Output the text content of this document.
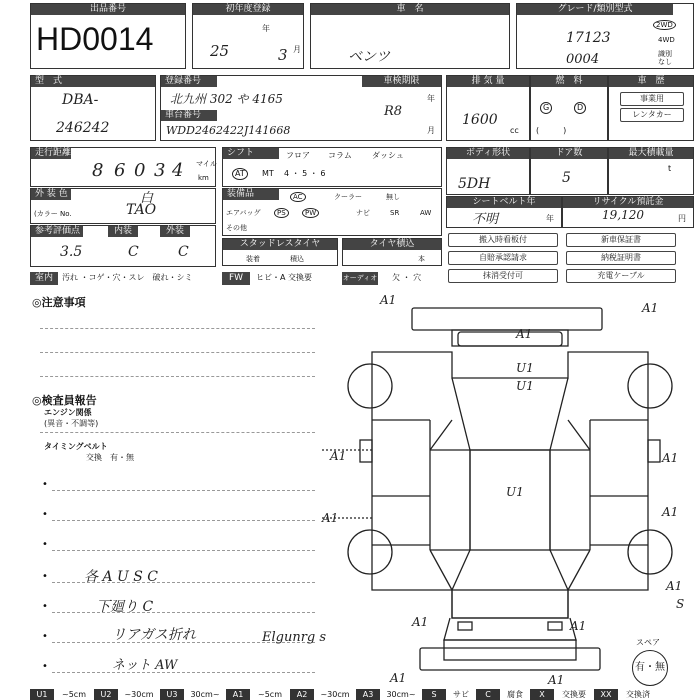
出品番号
HD0014
初年度登録
年
月
25	3
車　名
ベンツ
グレード/類別型式
17123
0004
2WD
4WD
識別なし
型　式
DBA-
246242
登録番号
北九州 302 や 4165
車台番号
WDD2462422J141668
車検期限
R8
年
月
排 気 量
1600
cc
燃　料
G	D
(　　　)
車　歴
事業用
レンタカー
走行距離
8 6 0 3 4 マイル
km
シフト	フロア コラム	ダッシュ
AT	MT 4 ・ 5 ・ 6
ボディ形状
5DH
ドア数
5
最大積載量
t
外 装 色	白
(カラー No.	TAO
装備品	AC	クーラー	無し
エアバッグ	PS	PW	ナビ	SR	AW
その他
シートベルト年
不明	年
リサイクル預託金
19,120	円
参考評価点	内装	外装
3.5	C	C	スタッドレスタイヤ
装着	積込
タイヤ積込
本
搬入時看板付	新車保証書
自賠承認請求	納税証明書
抹消受付可	充電ケーブル
室内	汚れ ・コゲ・穴・スレ　破れ・シミ	FW	ヒビ・A 交換要	オーディオ 欠 ・ 穴
◎注意事項
◎検査員報告
エンジン関係
(異音・不調等)
タイミングベルト
交換　有・無
•
•
•
•	各 A U S C
•	下廻り C
•	リアガス折れ	Elgunrg s
•	ネット AW
A1
A1
A1
U1
U1
A1	A1
A1	A1
U1
A1
A1	A1
S
A1	A1
スペア
有・無
U1	~5cm	U2	~30cm	U3	30cm~	A1	~5cm	A2	~30cm	A3	30cm~	S	サビ	C	腐食	X	交換要	XX	交換済
